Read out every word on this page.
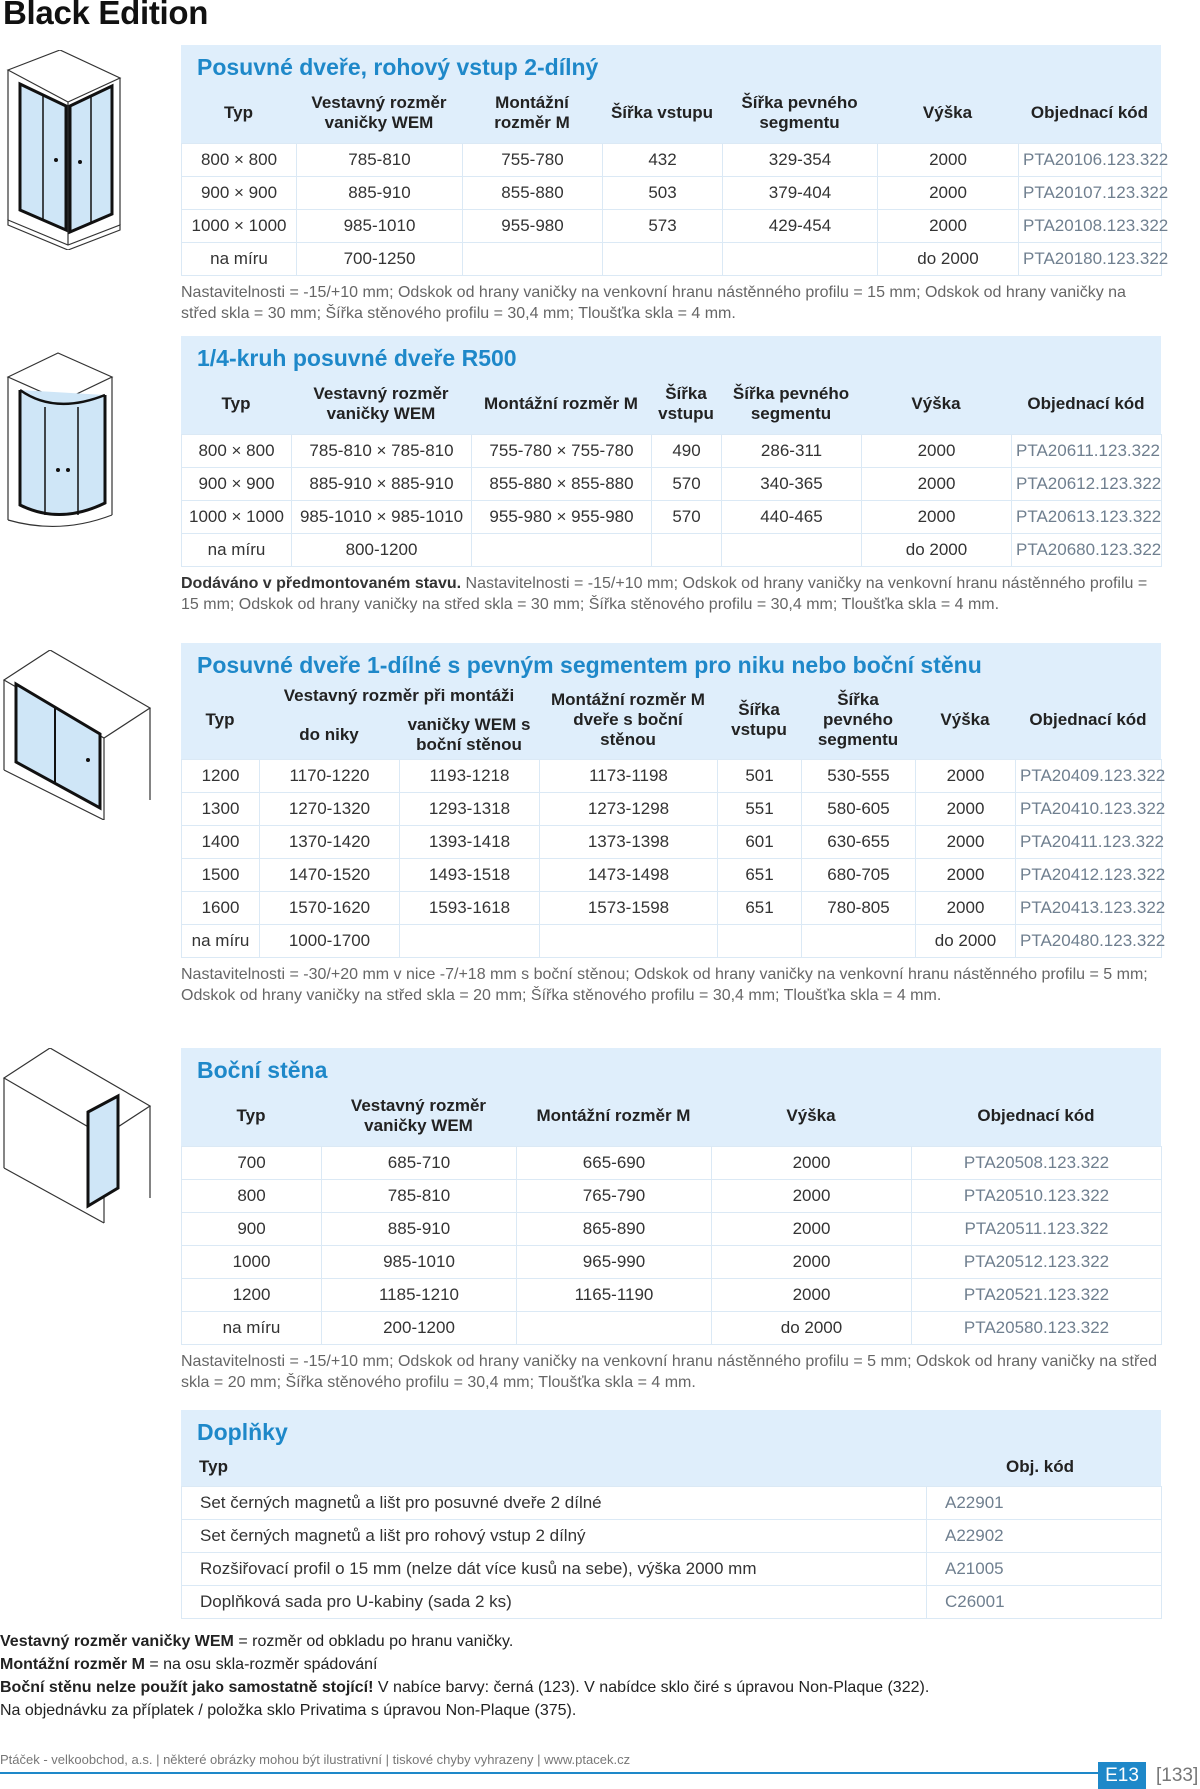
Black Edition
Posuvné dveře, rohový vstup 2-dílný
Typ	Vestavný rozměr vaničky WEM	Montážní rozměr M	Šířka vstupu	Šířka pevného segmentu	Výška	Objednací kód
800 × 800	785-810	755-780	432	329-354	2000	PTA20106.123.322
900 × 900	885-910	855-880	503	379-404	2000	PTA20107.123.322
1000 × 1000	985-1010	955-980	573	429-454	2000	PTA20108.123.322
na míru	700-1250				do 2000	PTA20180.123.322
Nastavitelnosti = -15/+10 mm; Odskok od hrany vaničky na venkovní hranu nástěnného profilu = 15 mm; Odskok od hrany vaničky na střed skla = 30 mm; Šířka stěnového profilu = 30,4 mm; Tloušťka skla = 4 mm.
1/4-kruh posuvné dveře R500
Typ	Vestavný rozměr vaničky WEM	Montážní rozměr M	Šířka vstupu	Šířka pevného segmentu	Výška	Objednací kód
800 × 800	785-810 × 785-810	755-780 × 755-780	490	286-311	2000	PTA20611.123.322
900 × 900	885-910 × 885-910	855-880 × 855-880	570	340-365	2000	PTA20612.123.322
1000 × 1000	985-1010 × 985-1010	955-980 × 955-980	570	440-465	2000	PTA20613.123.322
na míru	800-1200				do 2000	PTA20680.123.322
Dodáváno v předmontovaném stavu. Nastavitelnosti = -15/+10 mm; Odskok od hrany vaničky na venkovní hranu nástěnného profilu = 15 mm; Odskok od hrany vaničky na střed skla = 30 mm; Šířka stěnového profilu = 30,4 mm; Tloušťka skla = 4 mm.
Posuvné dveře 1-dílné s pevným segmentem pro niku nebo boční stěnu
Typ	Vestavný rozměr při montáži		Montážní rozměr M dveře s boční stěnou	Šířka vstupu	Šířka pevného segmentu	Výška	Objednací kód
	do niky	vaničky WEM s boční stěnou					
1200	1170-1220	1193-1218	1173-1198	501	530-555	2000	PTA20409.123.322
1300	1270-1320	1293-1318	1273-1298	551	580-605	2000	PTA20410.123.322
1400	1370-1420	1393-1418	1373-1398	601	630-655	2000	PTA20411.123.322
1500	1470-1520	1493-1518	1473-1498	651	680-705	2000	PTA20412.123.322
1600	1570-1620	1593-1618	1573-1598	651	780-805	2000	PTA20413.123.322
na míru	1000-1700					do 2000	PTA20480.123.322
Nastavitelnosti = -30/+20 mm v nice -7/+18 mm s boční stěnou; Odskok od hrany vaničky na venkovní hranu nástěnného profilu = 5 mm; Odskok od hrany vaničky na střed skla = 20 mm; Šířka stěnového profilu = 30,4 mm; Tloušťka skla = 4 mm.
Boční stěna
Typ	Vestavný rozměr vaničky WEM	Montážní rozměr M	Výška	Objednací kód
700	685-710	665-690	2000	PTA20508.123.322
800	785-810	765-790	2000	PTA20510.123.322
900	885-910	865-890	2000	PTA20511.123.322
1000	985-1010	965-990	2000	PTA20512.123.322
1200	1185-1210	1165-1190	2000	PTA20521.123.322
na míru	200-1200		do 2000	PTA20580.123.322
Nastavitelnosti = -15/+10 mm; Odskok od hrany vaničky na venkovní hranu nástěnného profilu = 5 mm; Odskok od hrany vaničky na střed skla = 20 mm; Šířka stěnového profilu = 30,4 mm; Tloušťka skla = 4 mm.
Doplňky
Typ	Obj. kód
Set černých magnetů a lišt pro posuvné dveře 2 dílné	A22901
Set černých magnetů a lišt pro rohový vstup 2 dílný	A22902
Rozšiřovací profil o 15 mm (nelze dát více kusů na sebe), výška 2000 mm	A21005
Doplňková sada pro U-kabiny (sada 2 ks)	C26001
Vestavný rozměr vaničky WEM = rozměr od obkladu po hranu vaničky.
Montážní rozměr M = na osu skla-rozměr spádování
Boční stěnu nelze použít jako samostatně stojící! V nabíce barvy: černá (123). V nabídce sklo čiré s úpravou Non-Plaque (322).
Na objednávku za příplatek / položka sklo Privatima s úpravou Non-Plaque (375).
Ptáček - velkoobchod, a.s. | některé obrázky mohou být ilustrativní | tiskové chyby vyhrazeny | www.ptacek.cz
E13 [133]
